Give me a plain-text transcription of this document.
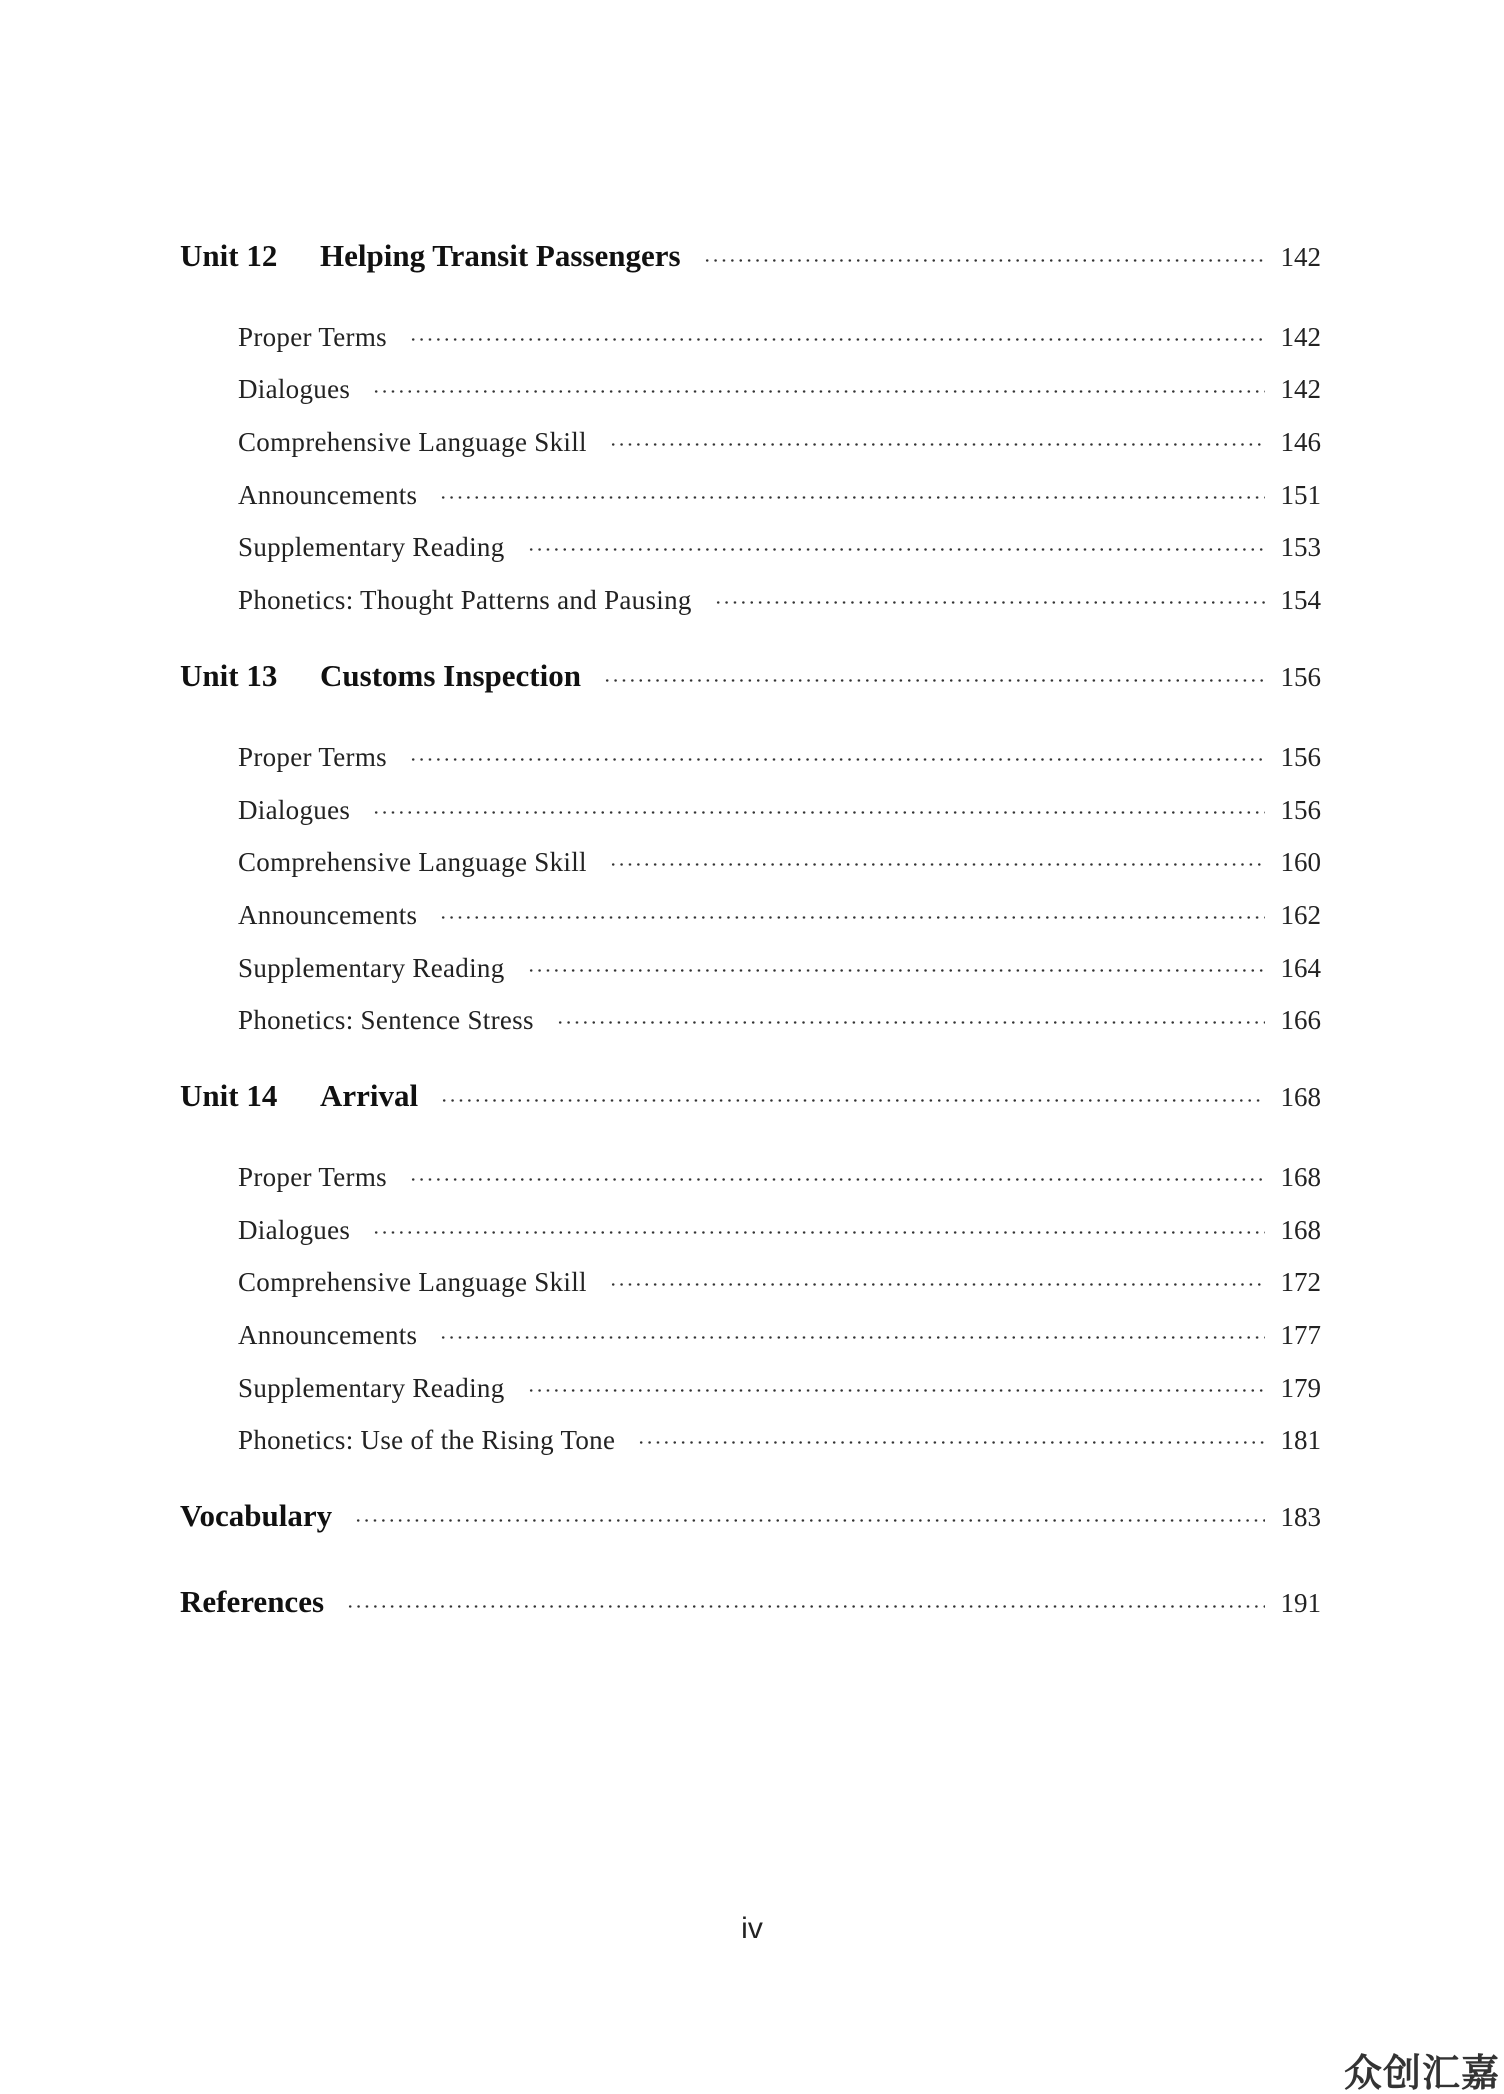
Unit 12 Helping Transit Passengers	142
Proper Terms	142
Dialogues	142
Comprehensive Language Skill	146
Announcements	151
Supplementary Reading	153
Phonetics: Thought Patterns and Pausing	154
Unit 13 Customs Inspection	156
Proper Terms	156
Dialogues	156
Comprehensive Language Skill	160
Announcements	162
Supplementary Reading	164
Phonetics: Sentence Stress	166
Unit 14 Arrival	168
Proper Terms	168
Dialogues	168
Comprehensive Language Skill	172
Announcements	177
Supplementary Reading	179
Phonetics: Use of the Rising Tone	181
Vocabulary	183
References	191
iv
众创汇嘉
